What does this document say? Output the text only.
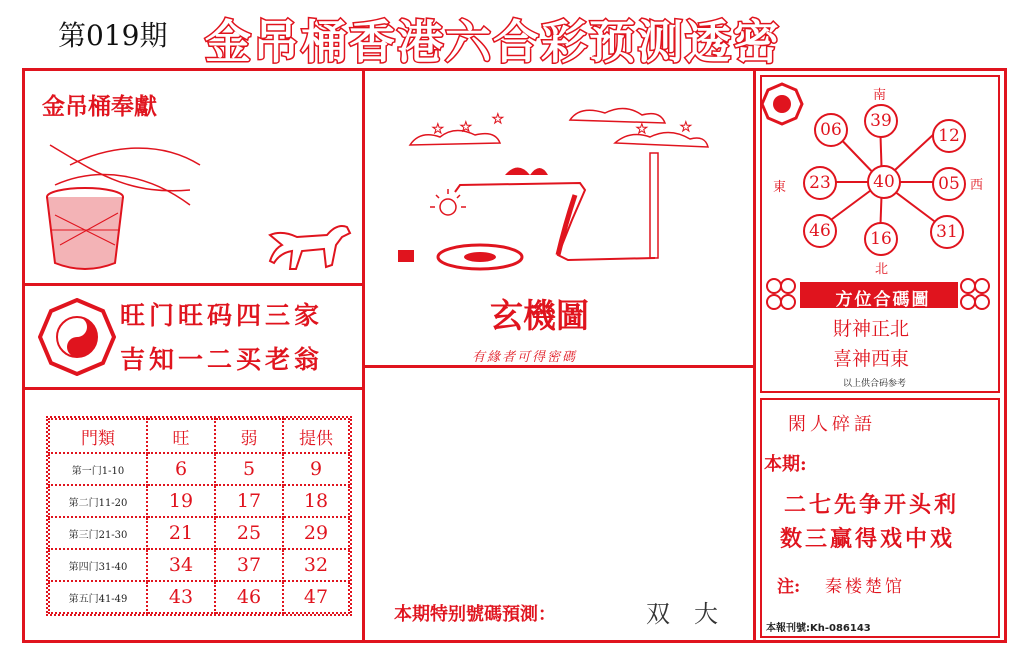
第019期 金吊桶香港六合彩预测透密
金吊桶奉獻
旺门旺码四三家
吉知一二买老翁
門類	旺	弱	提供
第一门1-10	6	5	9
第二门11-20	19	17	18
第三门21-30	21	25	29
第四门31-40	34	37	32
第五门41-49	43	46	47
★ ★
★
★ ★
玄機圖
有緣者可得密碼
本期特别號碼預測：	双　大
南
北
東	西
39
12
05
31
16
46
23
06
40
方位合碼圖
財神正北
喜神西東
以上供合码参考
閑人碎語
本期:
二七先争开头利
数三赢得戏中戏
注: 秦楼楚馆
本報刊號:Kh-086143
